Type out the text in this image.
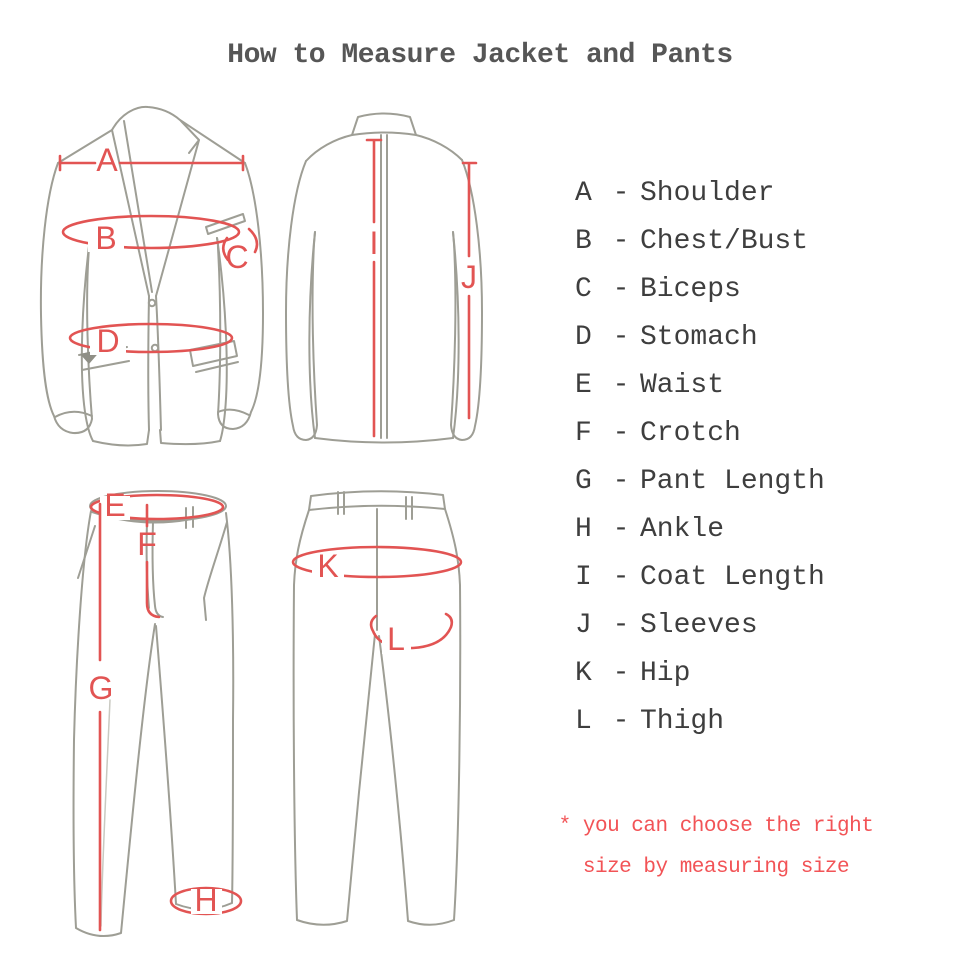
A
B
C
D
I
J
E
F
G
H
K
L
How to Measure Jacket and Pants
A - Shoulder
B - Chest/Bust
C - Biceps
D - Stomach
E - Waist
F - Crotch
G - Pant Length
H - Ankle
I - Coat Length
J - Sleeves
K - Hip
L - Thigh
* you can choose the right
size by measuring size
